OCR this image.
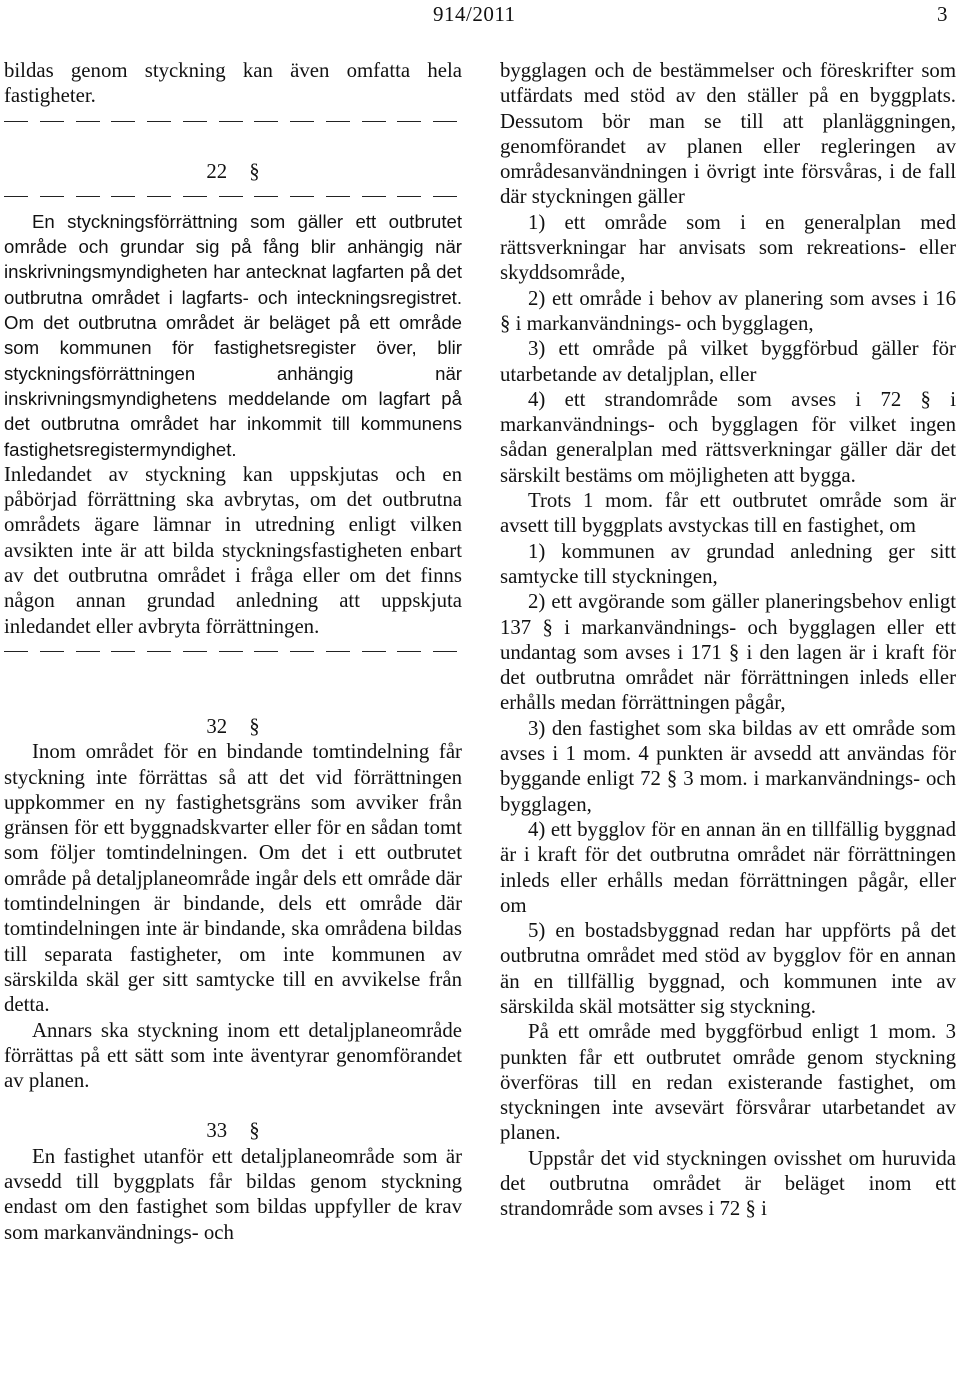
914/2011	3

bildas genom styckning kan även omfatta hela fastigheter.

22 §

En styckningsförrättning som gäller ett outbrutet område och grundar sig på fång blir anhängig när inskrivningsmyndigheten har antecknat lagfarten på det outbrutna området i lagfarts- och inteckningsregistret. Om det outbrutna området är beläget på ett område som kommunen för fastighetsregister över, blir styckningsförrättningen anhängig när inskrivningsmyndighetens meddelande om lagfart på det outbrutna området har inkommit till kommunens fastighetsregistermyndighet.

Inledandet av styckning kan uppskjutas och en påbörjad förrättning ska avbrytas, om det outbrutna områdets ägare lämnar in utredning enligt vilken avsikten inte är att bilda styckningsfastigheten enbart av det outbrutna området i fråga eller om det finns någon annan grundad anledning att uppskjuta inledandet eller avbryta förrättningen.

32 §

Inom området för en bindande tomtindelning får styckning inte förrättas så att det vid förrättningen uppkommer en ny fastighetsgräns som avviker från gränsen för ett byggnadskvarter eller för en sådan tomt som följer tomtindelningen. Om det i ett outbrutet område på detaljplaneområde ingår dels ett område där tomtindelningen är bindande, dels ett område där tomtindelningen inte är bindande, ska områdena bildas till separata fastigheter, om inte kommunen av särskilda skäl ger sitt samtycke till en avvikelse från detta.

Annars ska styckning inom ett detaljplaneområde förrättas på ett sätt som inte äventyrar genomförandet av planen.

33 §

En fastighet utanför ett detaljplaneområde som är avsedd till byggplats får bildas genom styckning endast om den fastighet som bildas uppfyller de krav som markanvändnings- och

bygglagen och de bestämmelser och föreskrifter som utfärdats med stöd av den ställer på en byggplats. Dessutom bör man se till att planläggningen, genomförandet av planen eller regleringen av områdesanvändningen i övrigt inte försvåras, i de fall där styckningen gäller

1) ett område som i en generalplan med rättsverkningar har anvisats som rekreations- eller skyddsområde,

2) ett område i behov av planering som avses i 16 § i markanvändnings- och bygglagen,

3) ett område på vilket byggförbud gäller för utarbetande av detaljplan, eller

4) ett strandområde som avses i 72 § i markanvändnings- och bygglagen för vilket ingen sådan generalplan med rättsverkningar gäller där det särskilt bestäms om möjligheten att bygga.

Trots 1 mom. får ett outbrutet område som är avsett till byggplats avstyckas till en fastighet, om

1) kommunen av grundad anledning ger sitt samtycke till styckningen,

2) ett avgörande som gäller planeringsbehov enligt 137 § i markanvändnings- och bygglagen eller ett undantag som avses i 171 § i den lagen är i kraft för det outbrutna området när förrättningen inleds eller erhålls medan förrättningen pågår,

3) den fastighet som ska bildas av ett område som avses i 1 mom. 4 punkten är avsedd att användas för byggande enligt 72 § 3 mom. i markanvändnings- och bygglagen,

4) ett bygglov för en annan än en tillfällig byggnad är i kraft för det outbrutna området när förrättningen inleds eller erhålls medan förrättningen pågår, eller om

5) en bostadsbyggnad redan har uppförts på det outbrutna området med stöd av bygglov för en annan än en tillfällig byggnad, och kommunen inte av särskilda skäl motsätter sig styckning.

På ett område med byggförbud enligt 1 mom. 3 punkten får ett outbrutet område genom styckning överföras till en redan existerande fastighet, om styckningen inte avsevärt försvårar utarbetandet av planen.

Uppstår det vid styckningen ovisshet om huruvida det outbrutna området är beläget inom ett strandområde som avses i 72 § i
